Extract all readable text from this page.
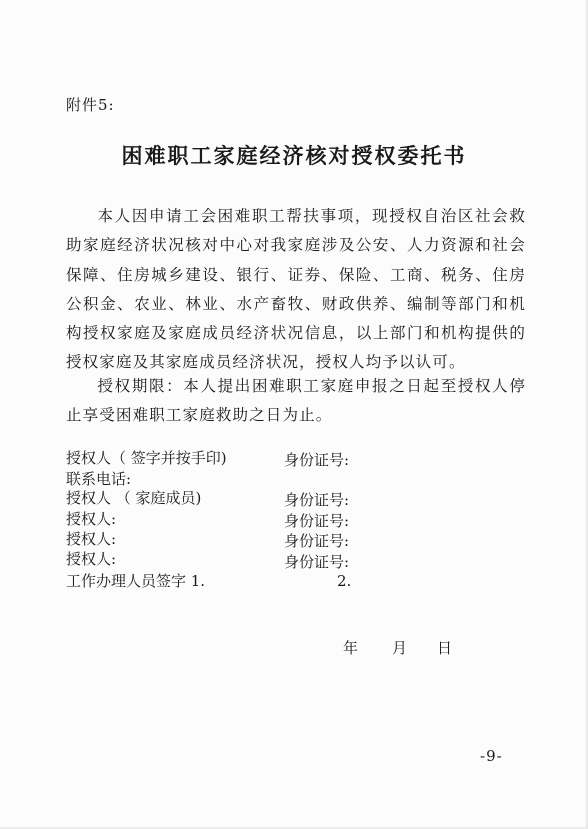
附件5:
困难职工家庭经济核对授权委托书
本人因申请工会困难职工帮扶事项，现授权自治区社会救助家庭经济状况核对中心对我家庭涉及公安、人力资源和社会保障、住房城乡建设、银行、证券、保险、工商、税务、住房公积金、农业、林业、水产畜牧、财政供养、编制等部门和机构授权家庭及家庭成员经济状况信息，以上部门和机构提供的授权家庭及其家庭成员经济状况，授权人均予以认可。
授权期限：本人提出困难职工家庭申报之日起至授权人停止享受困难职工家庭救助之日为止。
授权人（ 签字并按手印)	身份证号:
联系电话:
授权人 （ 家庭成员)	身份证号:
授权人:	身份证号:
授权人:	身份证号:
授权人:	身份证号:
工作办理人员签字 1.	2.
年 月 日
-9-
